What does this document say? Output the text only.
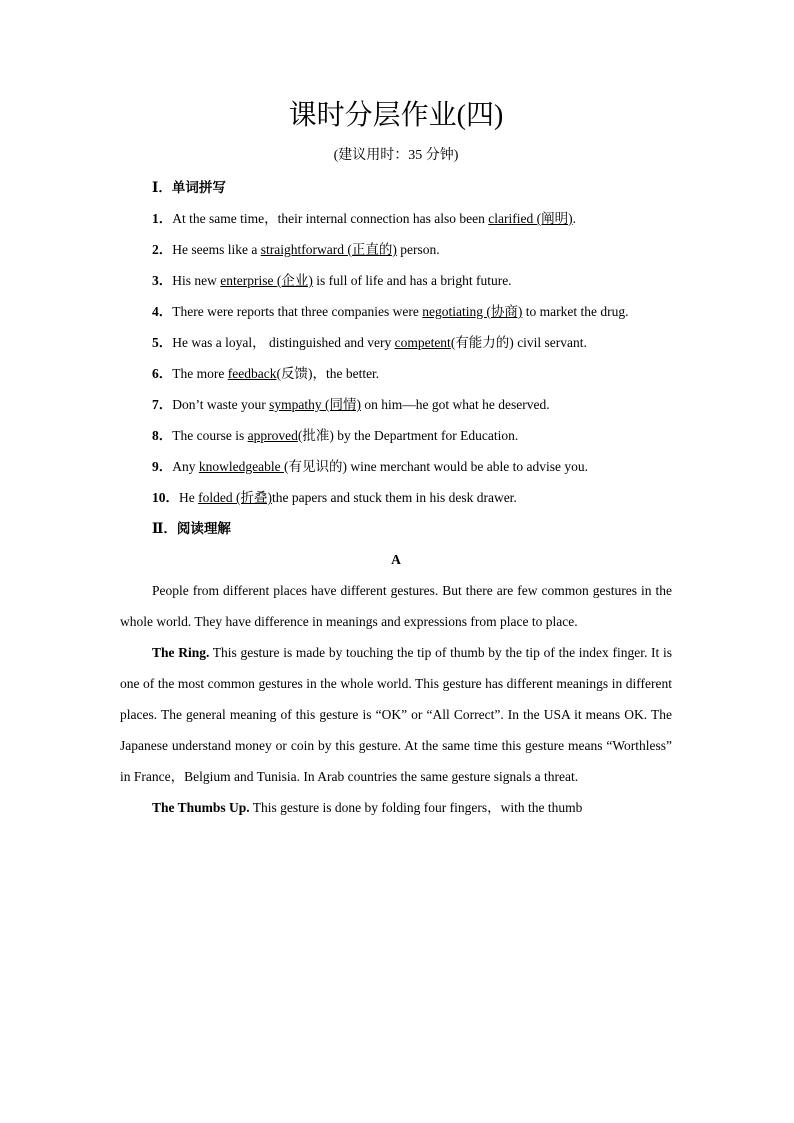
课时分层作业(四)
(建议用时：35 分钟)
Ⅰ．单词拼写

1．At the same time，their internal connection has also been clarified (阐明).

2．He seems like a straightforward (正直的) person.

3．His new enterprise (企业) is full of life and has a bright future.

4．There were reports that three companies were negotiating (协商) to market the drug.

5．He was a loyal， distinguished and very competent(有能力的) civil servant.

6．The more feedback(反馈)，the better.

7．Don’t waste your sympathy (同情) on him—he got what he deserved.

8．The course is approved(批准) by the Department for Education.

9．Any knowledgeable (有见识的) wine merchant would be able to advise you.

10．He folded (折叠)the papers and stuck them in his desk drawer.

Ⅱ．阅读理解
A

People from different places have different gestures. But there are few common gestures in the whole world. They have difference in meanings and expressions from place to place.

The Ring. This gesture is made by touching the tip of thumb by the tip of the index finger. It is one of the most common gestures in the whole world. This gesture has different meanings in different places. The general meaning of this gesture is “OK” or “All Correct”. In the USA it means OK. The Japanese understand money or coin by this gesture. At the same time this gesture means “Worthless” in France，Belgium and Tunisia. In Arab countries the same gesture signals a threat.

The Thumbs Up. This gesture is done by folding four fingers，with the thumb
